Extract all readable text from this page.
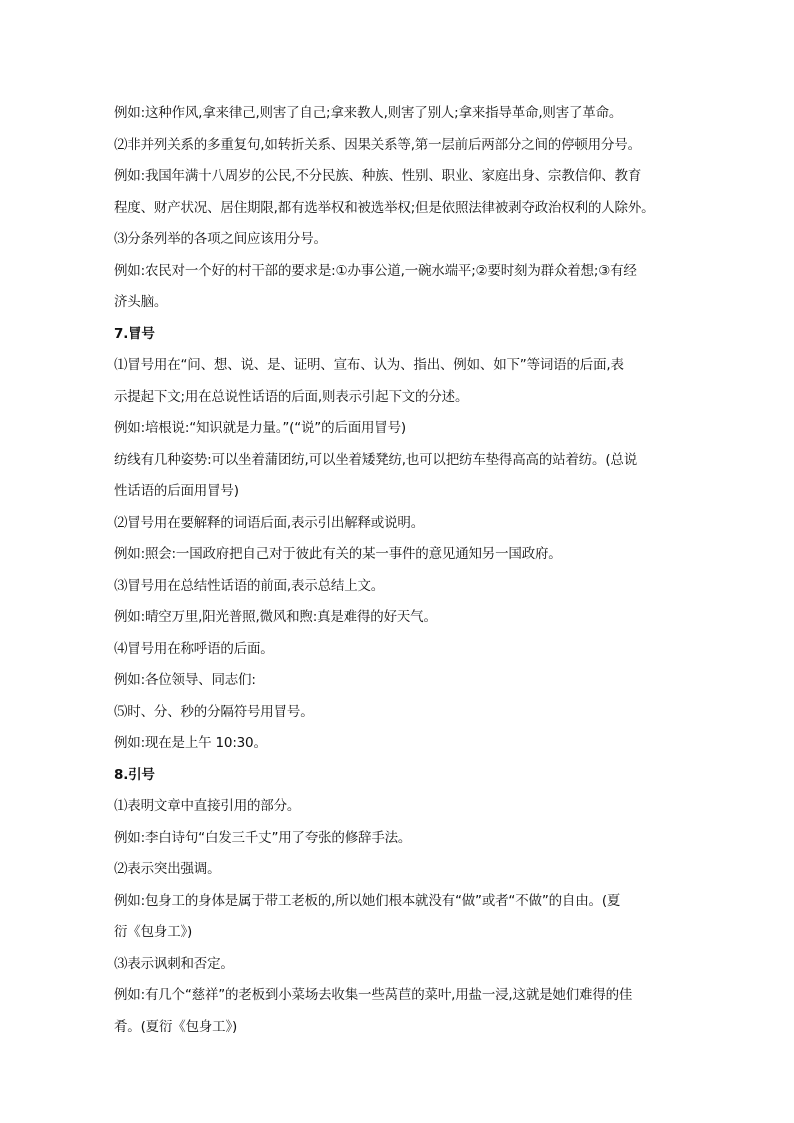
例如:这种作风,拿来律己,则害了自己;拿来教人,则害了别人;拿来指导革命,则害了革命。
⑵非并列关系的多重复句,如转折关系、因果关系等,第一层前后两部分之间的停顿用分号。
例如:我国年满十八周岁的公民,不分民族、种族、性别、职业、家庭出身、宗教信仰、教育
程度、财产状况、居住期限,都有选举权和被选举权;但是依照法律被剥夺政治权利的人除外。
⑶分条列举的各项之间应该用分号。
例如:农民对一个好的村干部的要求是:①办事公道,一碗水端平;②要时刻为群众着想;③有经
济头脑。
7.冒号
⑴冒号用在“问、想、说、是、证明、宣布、认为、指出、例如、如下”等词语的后面,表
示提起下文;用在总说性话语的后面,则表示引起下文的分述。
例如:培根说:“知识就是力量。”(“说”的后面用冒号)
纺线有几种姿势:可以坐着蒲团纺,可以坐着矮凳纺,也可以把纺车垫得高高的站着纺。(总说
性话语的后面用冒号)
⑵冒号用在要解释的词语后面,表示引出解释或说明。
例如:照会:一国政府把自己对于彼此有关的某一事件的意见通知另一国政府。
⑶冒号用在总结性话语的前面,表示总结上文。
例如:晴空万里,阳光普照,微风和煦:真是难得的好天气。
⑷冒号用在称呼语的后面。
例如:各位领导、同志们:
⑸时、分、秒的分隔符号用冒号。
例如:现在是上午 10:30。
8.引号
⑴表明文章中直接引用的部分。
例如:李白诗句“白发三千丈”用了夸张的修辞手法。
⑵表示突出强调。
例如:包身工的身体是属于带工老板的,所以她们根本就没有“做”或者“不做”的自由。(夏
衍《包身工》)
⑶表示讽刺和否定。
例如:有几个“慈祥”的老板到小菜场去收集一些莴苣的菜叶,用盐一浸,这就是她们难得的佳
肴。(夏衍《包身工》)
